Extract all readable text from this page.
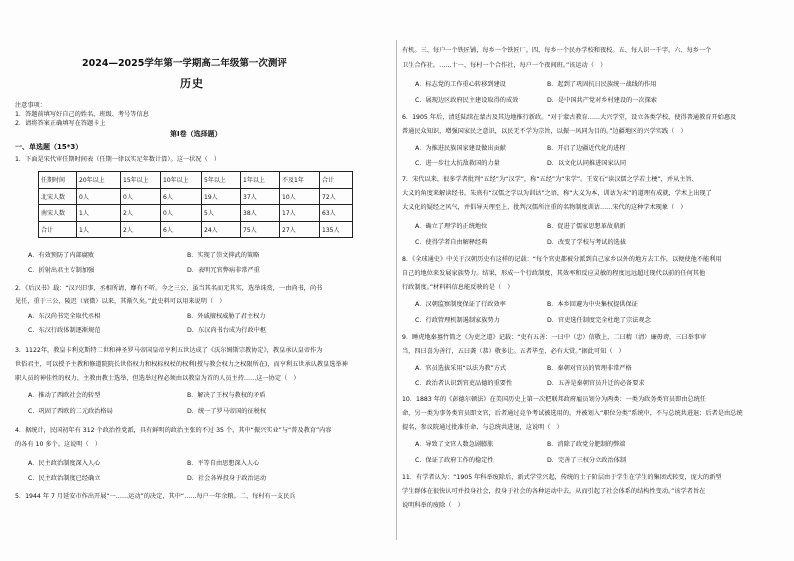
2024—2025学年第一学期高二年级第一次测评
历史
注意事项：
1．答题前填写好自己的姓名、班级、考号等信息
2．请将答案正确填写在答题卡上
第Ⅰ卷（选择题）
一、单选题（15*3）
1．下面是宋代审任期时间表（任期一律以实足年数计算）。这一状况（　）
任期时间	20年以上	15年以上	10年以上	5年以上	1年以上	不及1年	合计
北宋人数	0人	0人	6人	19人	37人	10人	72人
南宋人数	1人	2人	0人	5人	38人	17人	63人
合计	1人	2人	6人	24人	75人	27人	135人
A．有效预防了内部腐败	B．实现了崇文抑武的策略
C．折射出君主专制加强	D．表明冗官弊病非常严重
2．《后汉书》载：“汉兴旧事，丞相所请，靡有不听。今之三公，虽当其名而无其实，选举诛赏，一由尚书，尚书
见任，重于三公，陵迟（衰微）以来，其渐久矣。”此史料可以用来说明（　）
A．东汉尚书完全取代丞相	B．外戚擅权威胁了君主权力
C．东汉行政体制逐渐规范	D．东汉尚书台成为行政中枢
3．1122年，教皇卡利克斯特二世和神圣罗马帝国皇帝亨利五世达成了《沃尔姆斯宗教协定》，教皇承认皇帝作为
世俗君主，可以授予主教和修道院院长世俗权力和权标权杖的权利(授与教会权力之权限所在)，而亨利五世承认教皇选举神
职人员的神佳性的权力，主教由教士选举，但选举过程必须由以教皇为首的人员主持……这一协定（　）
A．推动了西欧社会的转型	B．解决了王权与教权的矛盾
C．巩固了西欧的二元政治格局	D．统一了罗马帝国的征税权
4．据统计，民国初年有 312 个政治性党派，具有鲜明的政治主张的不过 35 个，其中“振兴实业”与“普及教育”内容
的各有 10 多个。这说明（　）
A．民主政治制度深入人心	B．平等自由思想深入人心
C．民主政治制度已经确立	D．社会各界投身于政治运动
5．1944 年 7 月延安市作出开展“一……运动”的决定，其中“……每户一年余粮。二、每村有一支民兵
有机。三、每户一个铁匠铺，每乡一个铁匠厂。四、每乡一个民办学校和夜校。五、每人识一千字。六、每乡一个
卫生合作社。……十一、每村一个合作社，每户一个夜间班。”该运动（　）
A．标志党的工作重心转移到建设	B．起到了巩固抗日民族统一战线的作用
C．展现边区政府民主建设取得的成效	D．是中国共产党对乡村建设的一次探索
6．1905 年后，清廷陆续在蒙古及其边地推行新政。“对于蒙古教育……大兴学堂，设立各类学校，使得普通教育开始惠及
普通民众知识，增强国家民之意识，以民无不学为宗旨，以振一风同为目的。”边疆地区的兴学实践（　）
A．为推进民族国家建设做出贡献	B．开启了边疆近代化的进程
C．进一步壮大抗敌救国的力量	D．以文化认同推进国家认同
7．宋代以来，很多学者批判“五经”为“汉学”，称“五经”为“宋学”。王安石“读汉儒之学若土梗”，并从主旨、
大义的角度来解读经书。朱熹有“汉儒之学以为训诂”之语，称“大义为本，训诂为末”的道理有成就，学术上出现了
大义化的疑经之风气，并倡导天理至上，批判汉儒所注重的名物制度训诂……宋代的这种学术现象（　）
A．确立了理学的正统地位	B．促进了儒家思想革故鼎新
C．使得学者自由解释经典	D．改变了学校与考试的选拔
8．《全球通史》中关于汉朝历史有这样的记载：“每个官吏都被分派到自己家乡以外的地方去工作，以便使他不能利用
自己的地位来发展家族势力。结果，形成一个行政制度，其效率和反应灵敏的程度远远超过现代以前的任何其他
行政制度。”材料料信息能反映的是（　）
A．汉朝监察制度保证了行政效率	B．本乡回避为中央集权提供保证
C．行政管理机制遏制家族势力	D．官吏选任制度完全杜绝了宗法观念
9．睡虎地秦墓竹简之《为吏之道》记载：“吏有五善：一曰中（忠）信敬上，二曰精（清）廉毋谤，三曰举事审
当，四曰喜为善行，五曰龚（恭）敬多让。五者毕至，必有大赏。”据此可知（　）
A．官员选拔采用“以法为教”方式	B．秦朝对官员的管理非常严格
C．政治者认识到官吏品德的重要性	D．五善是秦朝官员升迁的必备要求
10．1883 年的《彭德尔顿法》在美国历史上第一次把联邦政府雇员划分为两类：一类为政务类官员即由总统任
命，另一类为事务类官员即文官，后者通过竞争考试被选用的，并被划入“职位分类”系统中，不与总统共进退；后者是由总统
提名，参议院通过批准任命，与总统共进退，这说明（　）
A．导致了文官人数急剧膨胀	B．消除了政党分肥制的弊端
C．保证了政府工作的稳定性	D．完善了三权分立政治体制
11．有学者认为：“1905 年科举废除后，新式学堂兴起，传统的士子阶层由于学生在学生的集团式转变，庞大的新型
学生群体在很快认可并投身社会，投身于社会的各种运动中去，从而引起了社会体系的结构性变动。”该学者旨在
说明科举的废除（　）
